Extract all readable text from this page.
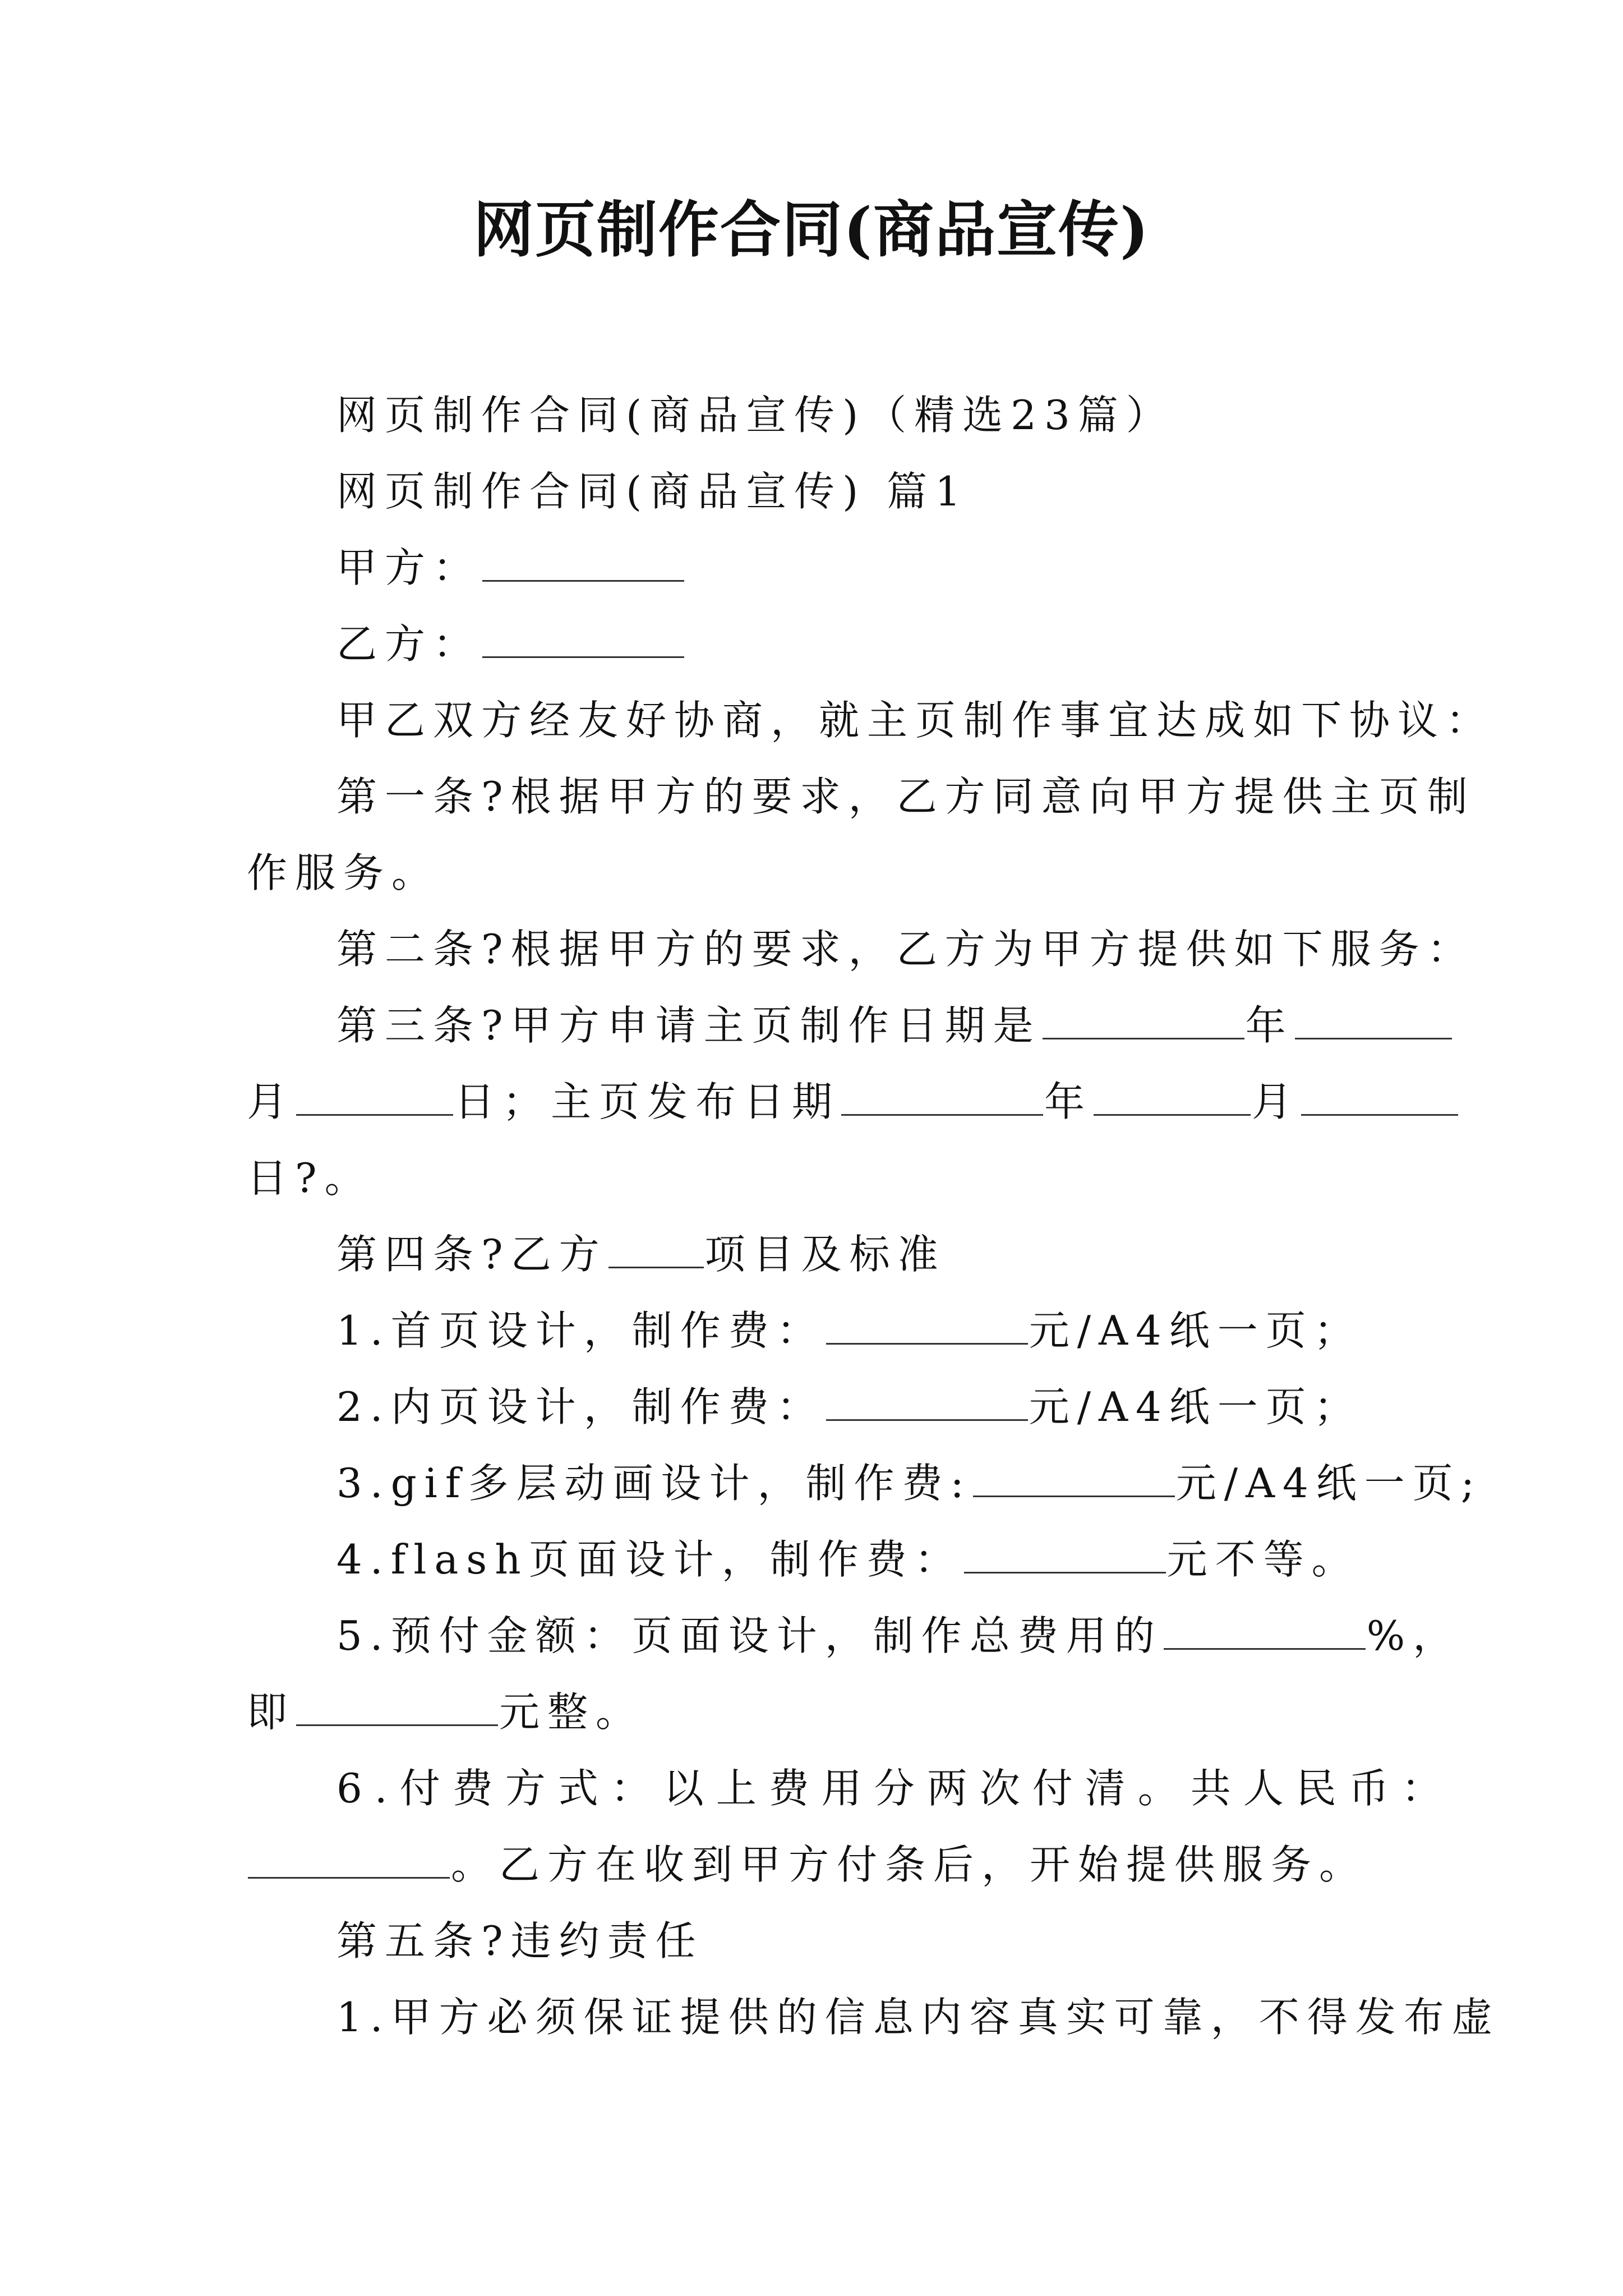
网页制作合同(商品宣传)
网页制作合同(商品宣传)（精选23篇）
网页制作合同(商品宣传) 篇1
甲方：
乙方：
甲乙双方经友好协商，就主页制作事宜达成如下协议：
第一条?根据甲方的要求，乙方同意向甲方提供主页制
作服务。
第二条?根据甲方的要求，乙方为甲方提供如下服务：
第三条?甲方申请主页制作日期是	年
月	日；主页发布日期	年	月
日?。
第四条?乙方 项目及标准
1.首页设计，制作费：	元/A4纸一页；
2.内页设计，制作费：	元/A4纸一页；
3.gif多层动画设计，制作费:	元/A4纸一页;
4.flash页面设计，制作费：	元不等。
5.预付金额：页面设计，制作总费用的	%，
即	元整。
6.付费方式：以上费用分两次付清。共人民币：
。乙方在收到甲方付条后，开始提供服务。
第五条?违约责任
1.甲方必须保证提供的信息内容真实可靠，不得发布虚
